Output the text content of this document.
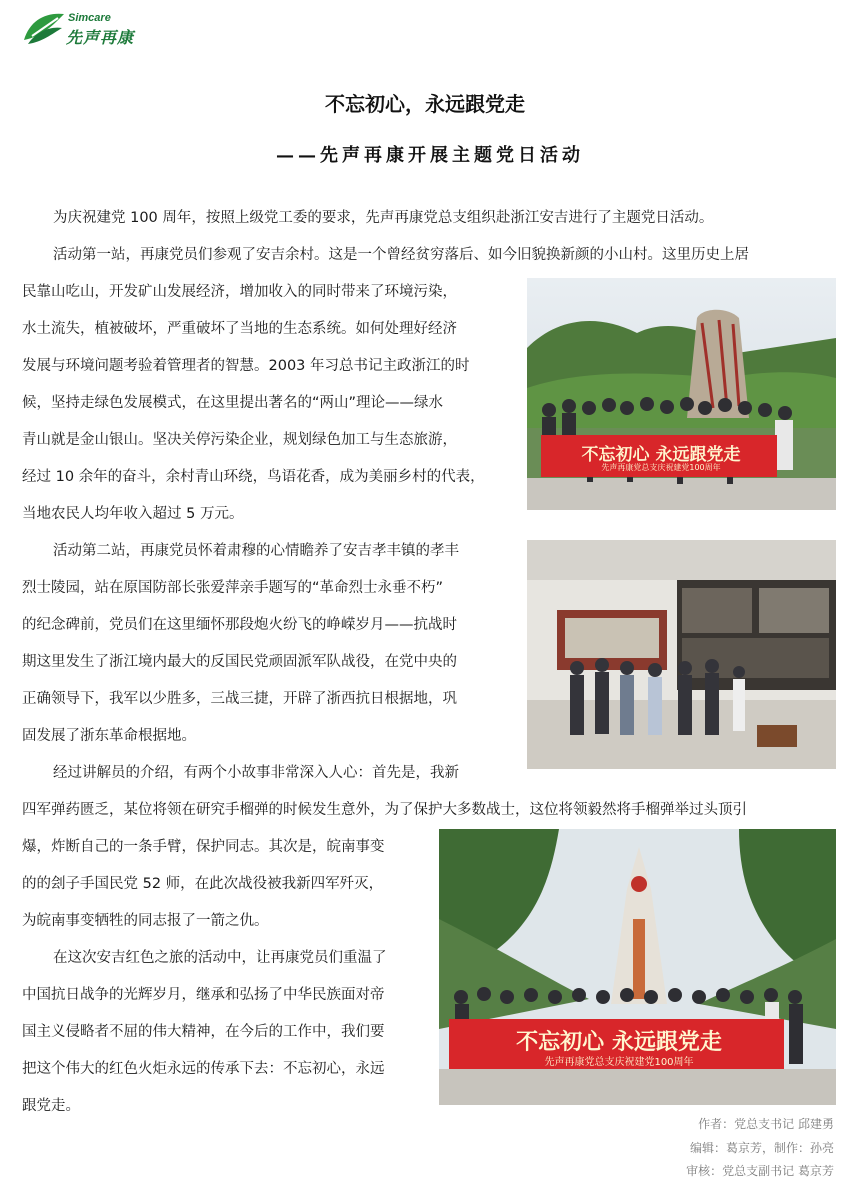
Simcare
先声再康
不忘初心，永远跟党走
——先声再康开展主题党日活动
为庆祝建党 100 周年，按照上级党工委的要求，先声再康党总支组织赴浙江安吉进行了主题党日活动。
活动第一站，再康党员们参观了安吉余村。这是一个曾经贫穷落后、如今旧貌换新颜的小山村。这里历史上居
民靠山吃山，开发矿山发展经济，增加收入的同时带来了环境污染，
水土流失，植被破坏，严重破坏了当地的生态系统。如何处理好经济
发展与环境问题考验着管理者的智慧。2003 年习总书记主政浙江的时
候，坚持走绿色发展模式，在这里提出著名的“两山”理论——绿水
青山就是金山银山。坚决关停污染企业，规划绿色加工与生态旅游，
经过 10 余年的奋斗，余村青山环绕，鸟语花香，成为美丽乡村的代表，
当地农民人均年收入超过 5 万元。
活动第二站，再康党员怀着肃穆的心情瞻养了安吉孝丰镇的孝丰
烈士陵园，站在原国防部长张爱萍亲手题写的“革命烈士永垂不朽”
的纪念碑前，党员们在这里缅怀那段炮火纷飞的峥嵘岁月——抗战时
期这里发生了浙江境内最大的反国民党顽固派军队战役，在党中央的
正确领导下，我军以少胜多，三战三捷，开辟了浙西抗日根据地，巩
固发展了浙东革命根据地。
经过讲解员的介绍，有两个小故事非常深入人心：首先是，我新
四军弹药匮乏，某位将领在研究手榴弹的时候发生意外，为了保护大多数战士，这位将领毅然将手榴弹举过头顶引
爆，炸断自己的一条手臂，保护同志。其次是，皖南事变
的的刽子手国民党 52 师，在此次战役被我新四军歼灭，
为皖南事变牺牲的同志报了一箭之仇。
在这次安吉红色之旅的活动中，让再康党员们重温了
中国抗日战争的光辉岁月，继承和弘扬了中华民族面对帝
国主义侵略者不屈的伟大精神，在今后的工作中，我们要
把这个伟大的红色火炬永远的传承下去：不忘初心，永远
跟党走。
不忘初心 永远跟党走
先声再康党总支庆祝建党100周年
不忘初心 永远跟党走
先声再康党总支庆祝建党100周年
作者：党总支书记 邱建勇
编辑：葛京芳，制作：孙亮
审核：党总支副书记 葛京芳
